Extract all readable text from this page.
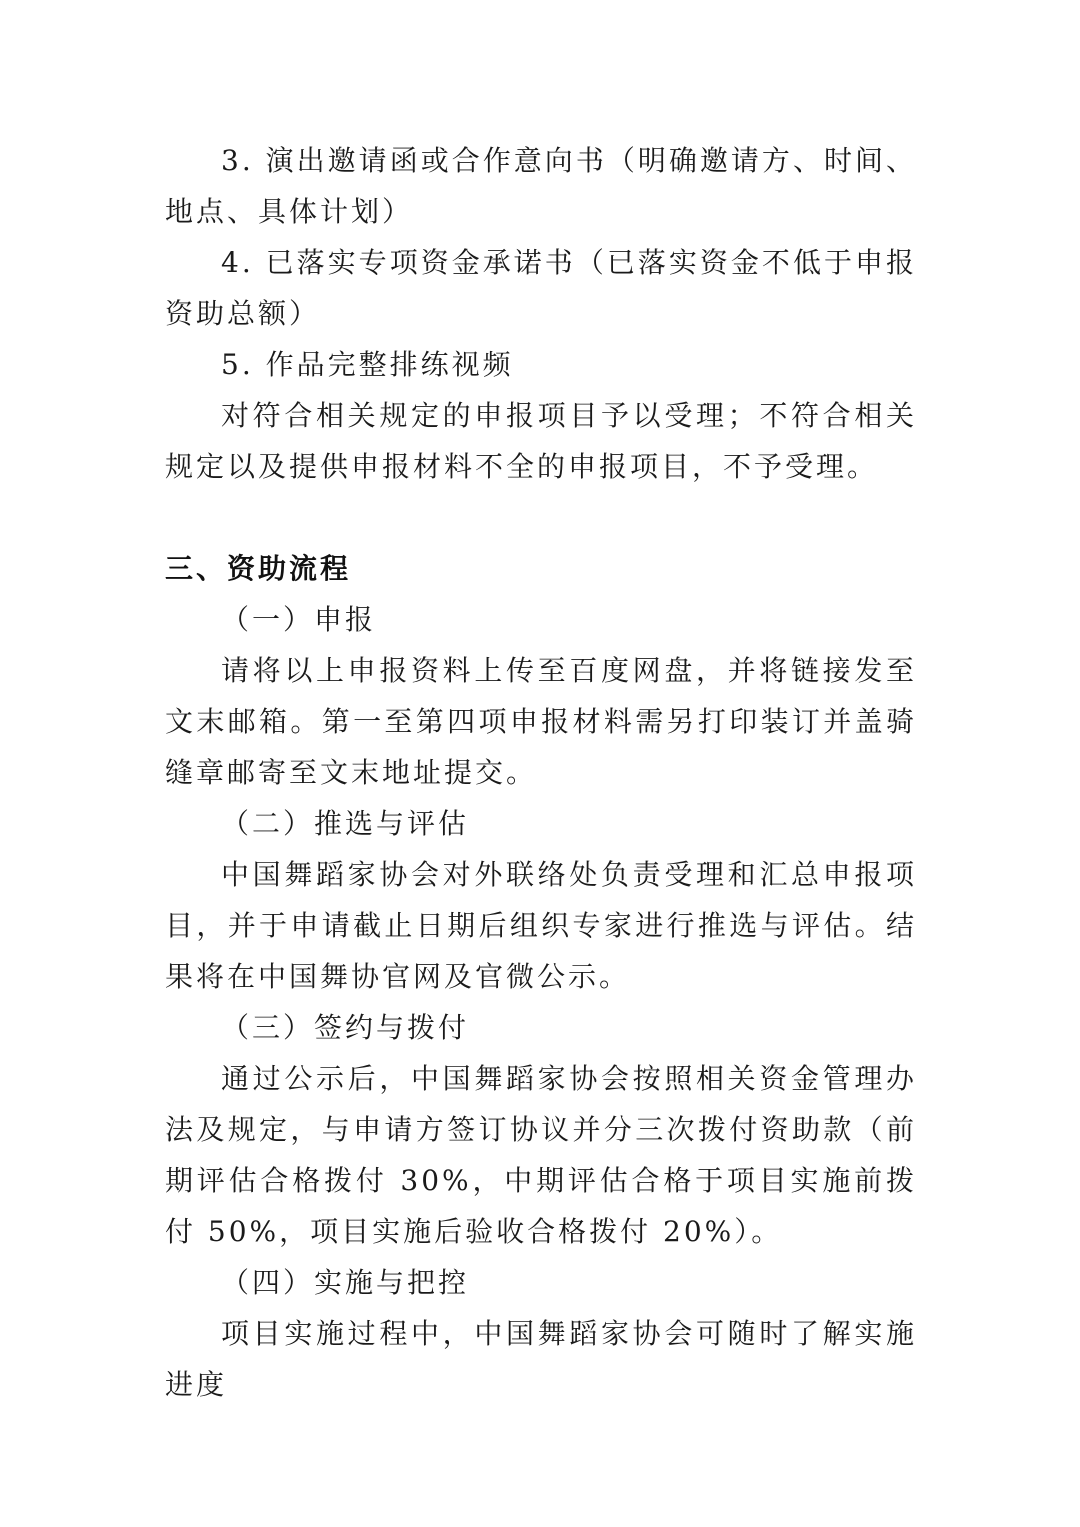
3. 演出邀请函或合作意向书（明确邀请方、时间、地点、具体计划）

4. 已落实专项资金承诺书（已落实资金不低于申报资助总额）

5. 作品完整排练视频

对符合相关规定的申报项目予以受理；不符合相关规定以及提供申报材料不全的申报项目，不予受理。

三、资助流程

（一）申报

请将以上申报资料上传至百度网盘，并将链接发至文末邮箱。第一至第四项申报材料需另打印装订并盖骑缝章邮寄至文末地址提交。

（二）推选与评估

中国舞蹈家协会对外联络处负责受理和汇总申报项目，并于申请截止日期后组织专家进行推选与评估。结果将在中国舞协官网及官微公示。

（三）签约与拨付

通过公示后，中国舞蹈家协会按照相关资金管理办法及规定，与申请方签订协议并分三次拨付资助款（前期评估合格拨付 30%，中期评估合格于项目实施前拨付 50%，项目实施后验收合格拨付 20%）。

（四）实施与把控

项目实施过程中，中国舞蹈家协会可随时了解实施进度
